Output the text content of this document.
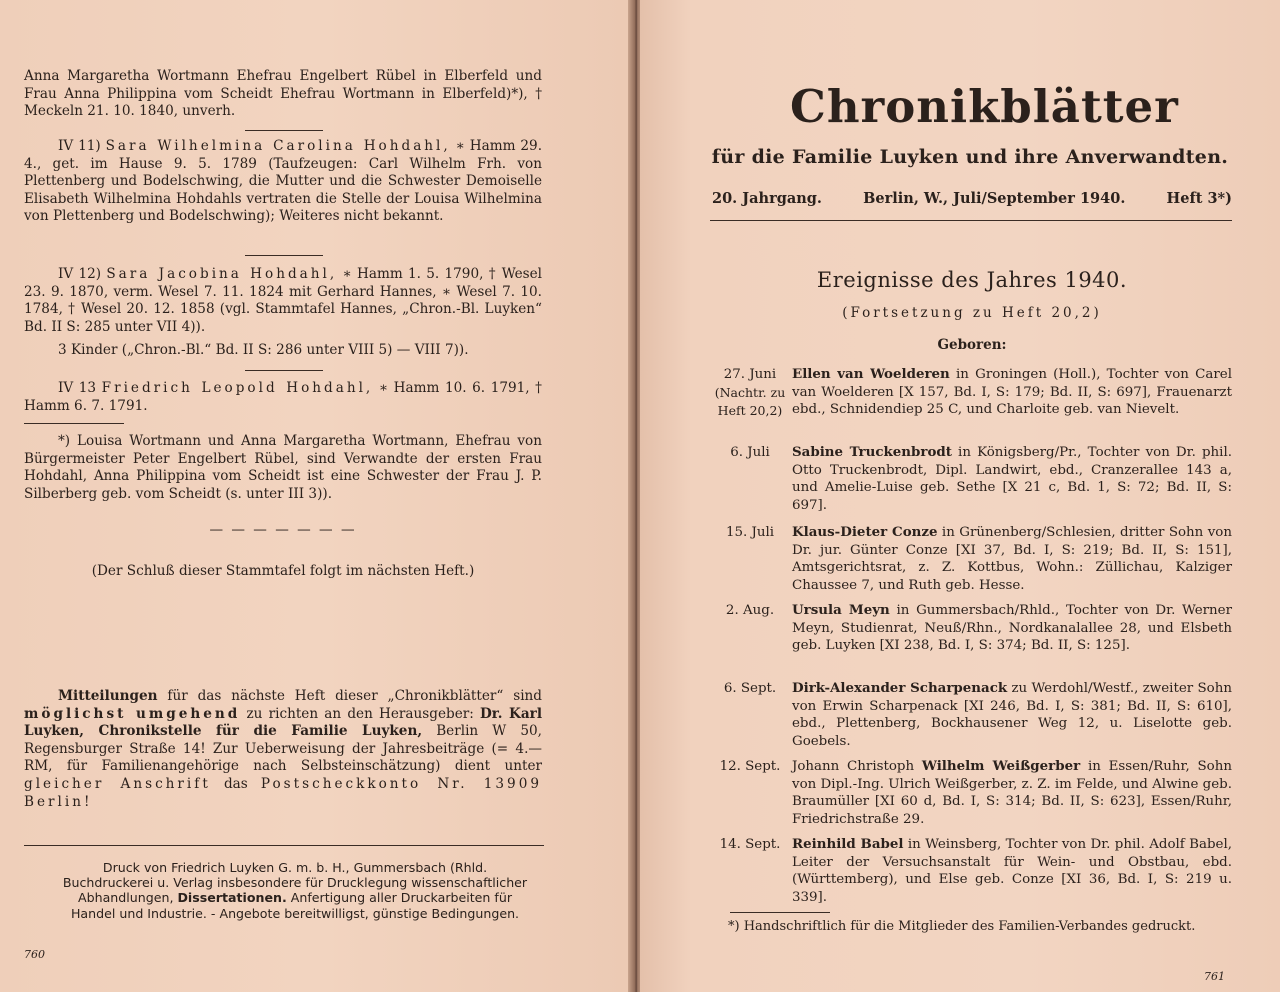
Anna Margaretha Wortmann Ehefrau Engelbert Rübel in Elberfeld und Frau Anna Philippina vom Scheidt Ehefrau Wortmann in Elberfeld)*), † Meckeln 21. 10. 1840, unverh.
IV 11) Sara Wilhelmina Carolina Hohdahl, ∗ Hamm 29. 4., get. im Hause 9. 5. 1789 (Taufzeugen: Carl Wilhelm Frh. von Plettenberg und Bodelschwing, die Mutter und die Schwester Demoiselle Elisabeth Wilhelmina Hohdahls vertraten die Stelle der Louisa Wilhelmina von Plettenberg und Bodelschwing); Weiteres nicht bekannt.
IV 12) Sara Jacobina Hohdahl, ∗ Hamm 1. 5. 1790, † Wesel 23. 9. 1870, verm. Wesel 7. 11. 1824 mit Gerhard Hannes, ∗ Wesel 7. 10. 1784, † Wesel 20. 12. 1858 (vgl. Stammtafel Hannes, „Chron.-Bl. Luyken“ Bd. II S: 285 unter VII 4)).
3 Kinder („Chron.-Bl.“ Bd. II S: 286 unter VIII 5) — VIII 7)).
IV 13 Friedrich Leopold Hohdahl, ∗ Hamm 10. 6. 1791, † Hamm 6. 7. 1791.
*) Louisa Wortmann und Anna Margaretha Wortmann, Ehefrau von Bürgermeister Peter Engelbert Rübel, sind Verwandte der ersten Frau Hohdahl, Anna Philippina vom Scheidt ist eine Schwester der Frau J. P. Silberberg geb. vom Scheidt (s. unter III 3)).
— — — — — — —
(Der Schluß dieser Stammtafel folgt im nächsten Heft.)
Mitteilungen für das nächste Heft dieser „Chronikblätter“ sind möglichst umgehend zu richten an den Herausgeber: Dr. Karl Luyken, Chronikstelle für die Familie Luyken, Berlin W 50, Regensburger Straße 14! Zur Ueberweisung der Jahresbeiträge (= 4.— RM, für Familienangehörige nach Selbsteinschätzung) dient unter gleicher Anschrift das Postscheckkonto Nr. 13909 Berlin!
Druck von Friedrich Luyken G. m. b. H., Gummersbach (Rhld.
Buchdruckerei u. Verlag insbesondere für Drucklegung wissenschaftlicher
Abhandlungen, Dissertationen. Anfertigung aller Druckarbeiten für
Handel und Industrie. - Angebote bereitwilligst, günstige Bedingungen.
760
Chronikblätter
für die Familie Luyken und ihre Anverwandten.
20. Jahrgang.	Berlin, W., Juli/September 1940.	Heft 3*)
Ereignisse des Jahres 1940.
(Fortsetzung zu Heft 20,2)
Geboren:
27. Juni
(Nachtr. zu Heft 20,2)
Ellen van Woelderen in Groningen (Holl.), Tochter von Carel van Woelderen [X 157, Bd. I, S: 179; Bd. II, S: 697], Frauenarzt ebd., Schnidendiep 25 C, und Charloite geb. van Nievelt.
6. Juli	Sabine Truckenbrodt in Königsberg/Pr., Tochter von Dr. phil. Otto Truckenbrodt, Dipl. Landwirt, ebd., Cranzerallee 143 a, und Amelie-Luise geb. Sethe [X 21 c, Bd. 1, S: 72; Bd. II, S: 697].
15. Juli	Klaus-Dieter Conze in Grünenberg/Schlesien, dritter Sohn von Dr. jur. Günter Conze [XI 37, Bd. I, S: 219; Bd. II, S: 151], Amtsgerichtsrat, z. Z. Kottbus, Wohn.: Züllichau, Kalziger Chaussee 7, und Ruth geb. Hesse.
2. Aug.	Ursula Meyn in Gummersbach/Rhld., Tochter von Dr. Werner Meyn, Studienrat, Neuß/Rhn., Nordkanalallee 28, und Elsbeth geb. Luyken [XI 238, Bd. I, S: 374; Bd. II, S: 125].
6. Sept.	Dirk-Alexander Scharpenack zu Werdohl/Westf., zweiter Sohn von Erwin Scharpenack [XI 246, Bd. I, S: 381; Bd. II, S: 610], ebd., Plettenberg, Bockhausener Weg 12, u. Liselotte geb. Goebels.
12. Sept. Johann Christoph Wilhelm Weißgerber in Essen/Ruhr, Sohn von Dipl.-Ing. Ulrich Weißgerber, z. Z. im Felde, und Alwine geb. Braumüller [XI 60 d, Bd. I, S: 314; Bd. II, S: 623], Essen/Ruhr, Friedrichstraße 29.
14. Sept. Reinhild Babel in Weinsberg, Tochter von Dr. phil. Adolf Babel, Leiter der Versuchsanstalt für Wein- und Obstbau, ebd. (Württemberg), und Else geb. Conze [XI 36, Bd. I, S: 219 u. 339].
*) Handschriftlich für die Mitglieder des Familien-Verbandes gedruckt.
761
